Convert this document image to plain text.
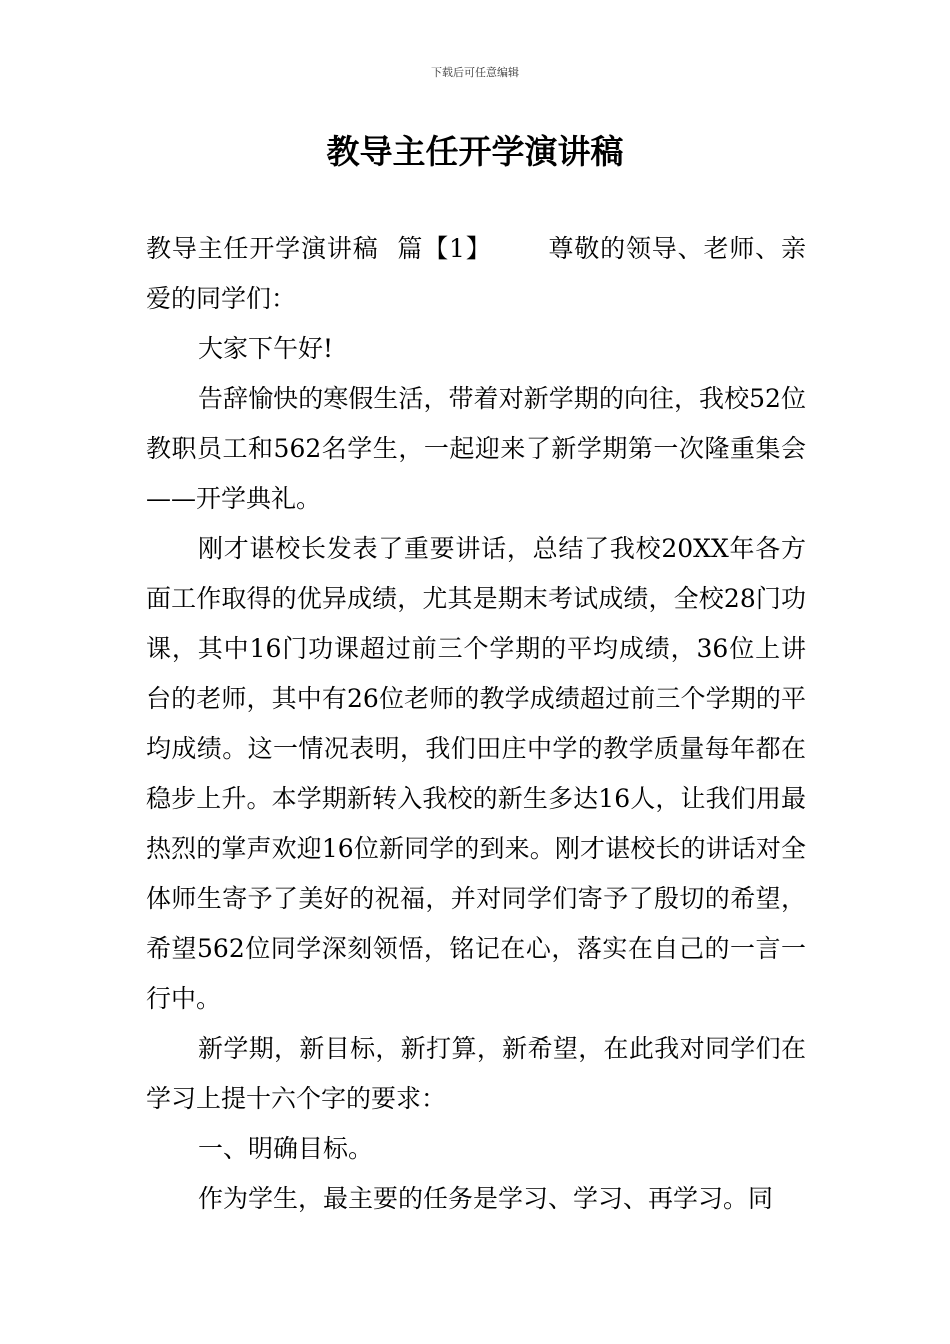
下载后可任意编辑
教导主任开学演讲稿

教导主任开学演讲稿 篇【1】 尊敬的领导、老师、亲爱的同学们：

大家下午好!

告辞愉快的寒假生活，带着对新学期的向往，我校52位教职员工和562名学生，一起迎来了新学期第一次隆重集会——开学典礼。

刚才谌校长发表了重要讲话，总结了我校20XX年各方面工作取得的优异成绩，尤其是期末考试成绩，全校28门功课，其中16门功课超过前三个学期的平均成绩，36位上讲台的老师，其中有26位老师的教学成绩超过前三个学期的平均成绩。这一情况表明，我们田庄中学的教学质量每年都在稳步上升。本学期新转入我校的新生多达16人，让我们用最热烈的掌声欢迎16位新同学的到来。刚才谌校长的讲话对全体师生寄予了美好的祝福，并对同学们寄予了殷切的希望，希望562位同学深刻领悟，铭记在心，落实在自己的一言一行中。

新学期，新目标，新打算，新希望，在此我对同学们在学习上提十六个字的要求：

一、明确目标。

作为学生，最主要的任务是学习、学习、再学习。同
